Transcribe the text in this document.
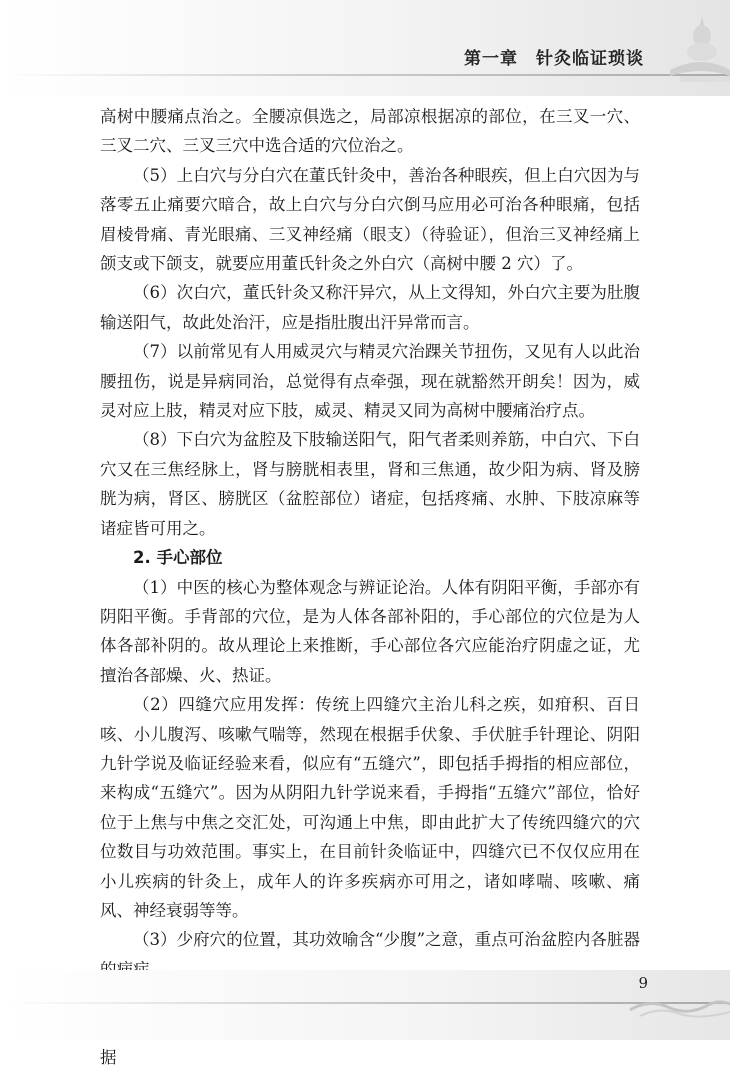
第一章　针灸临证琐谈

高树中腰痛点治之。全腰凉俱选之，局部凉根据凉的部位，在三叉一穴、三叉二穴、三叉三穴中选合适的穴位治之。

（5）上白穴与分白穴在董氏针灸中，善治各种眼疾，但上白穴因为与落零五止痛要穴暗合，故上白穴与分白穴倒马应用必可治各种眼痛，包括眉棱骨痛、青光眼痛、三叉神经痛（眼支）（待验证），但治三叉神经痛上颌支或下颌支，就要应用董氏针灸之外白穴（高树中腰 2 穴）了。

（6）次白穴，董氏针灸又称汗异穴，从上文得知，外白穴主要为肚腹输送阳气，故此处治汗，应是指肚腹出汗异常而言。

（7）以前常见有人用威灵穴与精灵穴治踝关节扭伤，又见有人以此治腰扭伤，说是异病同治，总觉得有点牵强，现在就豁然开朗矣！因为，威灵对应上肢，精灵对应下肢，威灵、精灵又同为高树中腰痛治疗点。

（8）下白穴为盆腔及下肢输送阳气，阳气者柔则养筋，中白穴、下白穴又在三焦经脉上，肾与膀胱相表里，肾和三焦通，故少阳为病、肾及膀胱为病，肾区、膀胱区（盆腔部位）诸症，包括疼痛、水肿、下肢凉麻等诸症皆可用之。

2. 手心部位

（1）中医的核心为整体观念与辨证论治。人体有阴阳平衡，手部亦有阴阳平衡。手背部的穴位，是为人体各部补阳的，手心部位的穴位是为人体各部补阴的。故从理论上来推断，手心部位各穴应能治疗阴虚之证，尤擅治各部燥、火、热证。

（2）四缝穴应用发挥：传统上四缝穴主治儿科之疾，如疳积、百日咳、小儿腹泻、咳嗽气喘等，然现在根据手伏象、手伏脏手针理论、阴阳九针学说及临证经验来看，似应有“五缝穴”，即包括手拇指的相应部位，来构成“五缝穴”。因为从阴阳九针学说来看，手拇指“五缝穴”部位，恰好位于上焦与中焦之交汇处，可沟通上中焦，即由此扩大了传统四缝穴的穴位数目与功效范围。事实上，在目前针灸临证中，四缝穴已不仅仅应用在小儿疾病的针灸上，成年人的许多疾病亦可用之，诸如哮喘、咳嗽、痛风、神经衰弱等等。

（3）少府穴的位置，其功效喻含“少腹”之意，重点可治盆腔内各脏器

据

9
